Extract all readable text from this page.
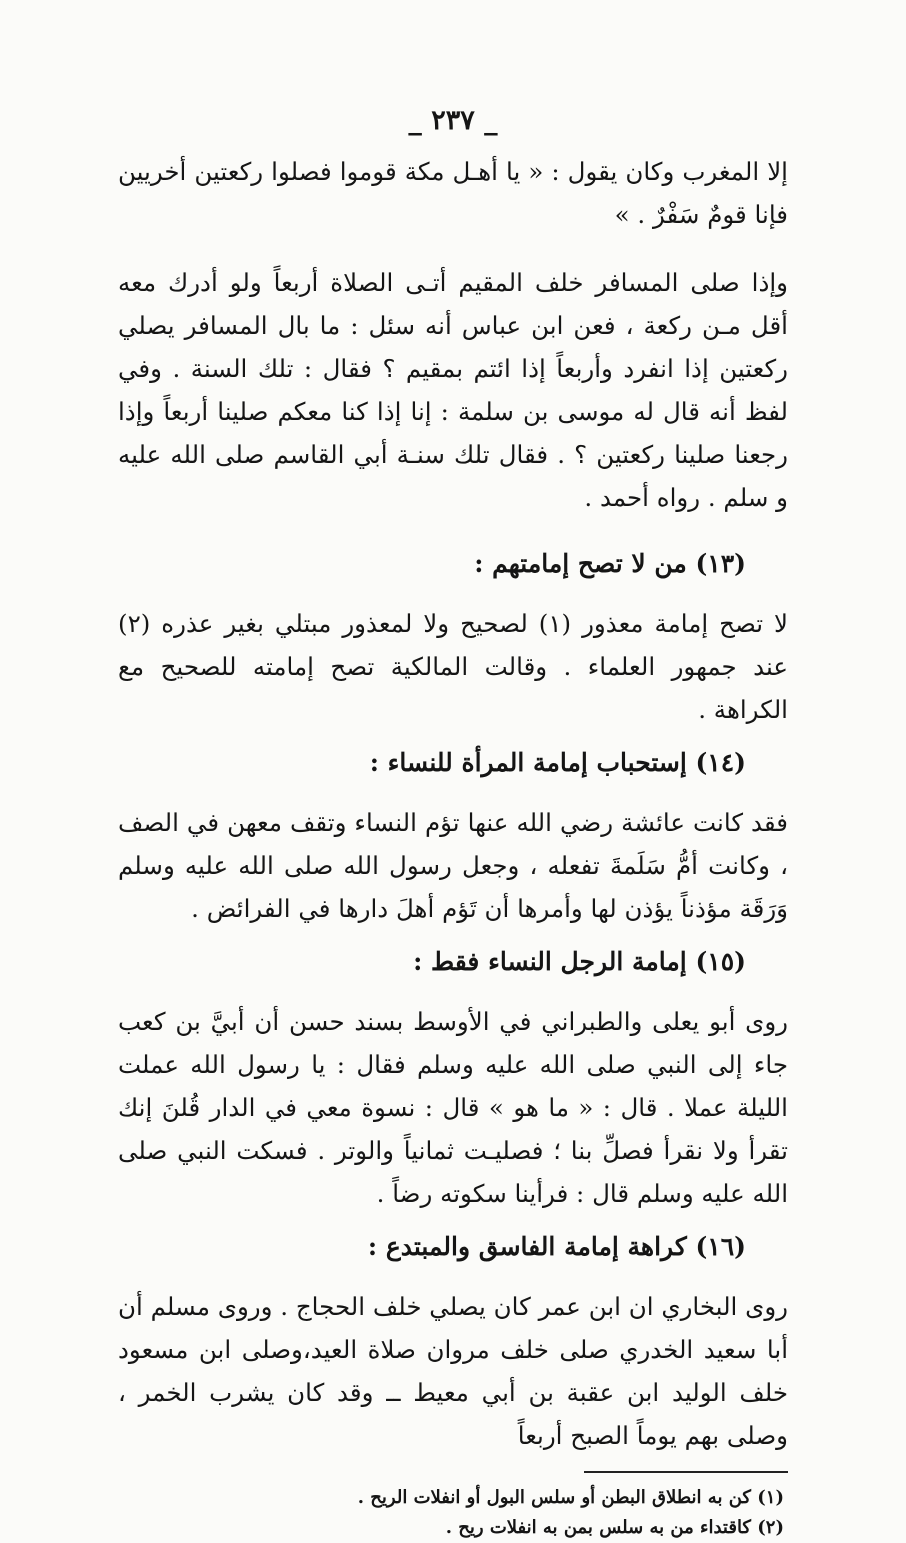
_ ٢٣٧ _

إلا المغرب وكان يقول : « يا أهـل مكة قوموا فصلوا ركعتين أخريين فإنا قومٌ سَفْرٌ . »

وإذا صلى المسافر خلف المقيم أتـى الصلاة أربعاً ولو أدرك معه أقل مـن ركعة ، فعن ابن عباس أنه سئل : ما بال المسافر يصلي ركعتين إذا انفرد وأربعاً إذا ائتم بمقيم ؟ فقال : تلك السنة . وفي لفظ أنه قال له موسى بن سلمة : إنا إذا كنا معكم صلينا أربعاً وإذا رجعنا صلينا ركعتين ؟ . فقال تلك سنـة أبي القاسم صلى الله عليه و سلم . رواه أحمد .

(١٣) من لا تصح إمامتهم :

لا تصح إمامة معذور (١) لصحيح ولا لمعذور مبتلي بغير عذره (٢) عند جمهور العلماء . وقالت المالكية تصح إمامته للصحيح مع الكراهة .

(١٤) إستحباب إمامة المرأة للنساء :

فقد كانت عائشة رضي الله عنها تؤم النساء وتقف معهن في الصف ، وكانت أمُّ سَلَمةَ تفعله ، وجعل رسول الله صلى الله عليه وسلم وَرَقَة مؤذناً يؤذن لها وأمرها أن تَؤم أهلَ دارها في الفرائض .

(١٥) إمامة الرجل النساء فقط :

روى أبو يعلى والطبراني في الأوسط بسند حسن أن أبيَّ بن كعب جاء إلى النبي صلى الله عليه وسلم فقال : يا رسول الله عملت الليلة عملا . قال : « ما هو » قال : نسوة معي في الدار قُلنَ إنك تقرأ ولا نقرأ فصلِّ بنا ؛ فصليـت ثمانياً والوتر . فسكت النبي صلى الله عليه وسلم قال : فرأينا سكوته رضاً .

(١٦) كراهة إمامة الفاسق والمبتدع :

روى البخاري ان ابن عمر كان يصلي خلف الحجاج . وروى مسلم أن أبا سعيد الخدري صلى خلف مروان صلاة العيد،وصلى ابن مسعود خلف الوليد ابن عقبة بن أبي معيط ــ وقد كان يشرب الخمر ، وصلى بهم يوماً الصبح أربعاً

(١) كن به انطلاق البطن أو سلس البول أو انفلات الريح .
(٢) كاقتداء من به سلس بمن به انفلات ريح .
